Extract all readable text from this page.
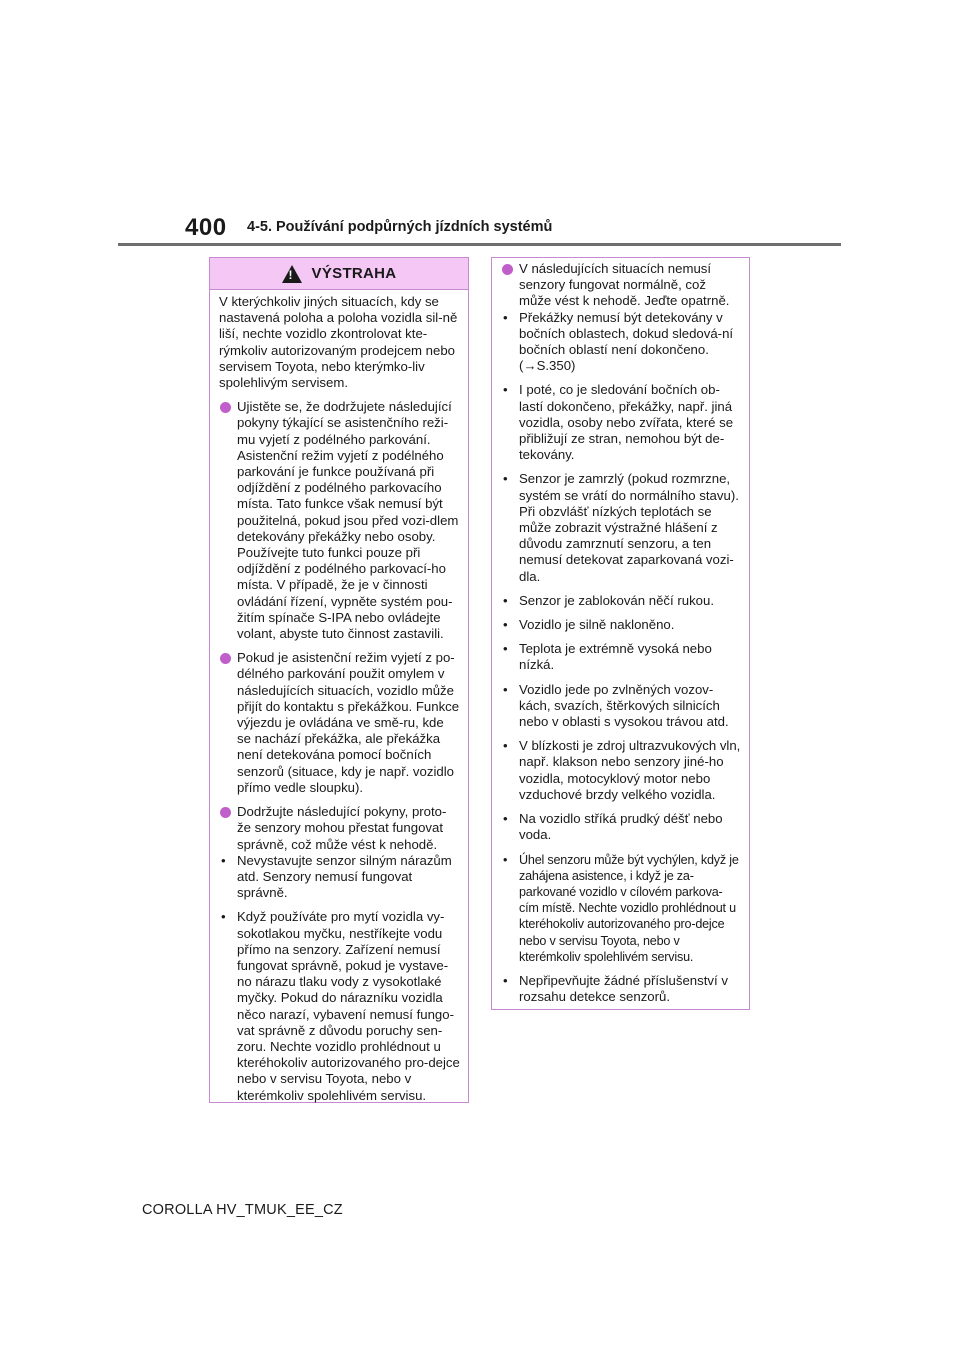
400 4-5. Používání podpůrných jízdních systémů
!
VÝSTRAHA

V kterýchkoliv jiných situacích, kdy se nastavená poloha a poloha vozidla sil-ně liší, nechte vozidlo zkontrolovat kte-rýmkoliv autorizovaným prodejcem nebo servisem Toyota, nebo kterýmko-liv spolehlivým servisem.

Ujistěte se, že dodržujete následující pokyny týkající se asistenčního reži-mu vyjetí z podélného parkování. Asistenční režim vyjetí z podélného parkování je funkce používaná při odjíždění z podélného parkovacího místa. Tato funkce však nemusí být použitelná, pokud jsou před vozi-dlem detekovány překážky nebo osoby. Používejte tuto funkci pouze při odjíždění z podélného parkovací-ho místa. V případě, že je v činnosti ovládání řízení, vypněte systém pou-žitím spínače S-IPA nebo ovládejte volant, abyste tuto činnost zastavili.
Pokud je asistenční režim vyjetí z po-délného parkování použit omylem v následujících situacích, vozidlo může přijít do kontaktu s překážkou. Funkce výjezdu je ovládána ve smě-ru, kde se nachází překážka, ale překážka není detekována pomocí bočních senzorů (situace, kdy je např. vozidlo přímo vedle sloupku).
Dodržujte následující pokyny, proto-že senzory mohou přestat fungovat správně, což může vést k nehodě.
• Nevystavujte senzor silným nárazům atd. Senzory nemusí fungovat správně.
• Když používáte pro mytí vozidla vy-sokotlakou myčku, nestříkejte vodu přímo na senzory. Zařízení nemusí fungovat správně, pokud je vystave-no nárazu tlaku vody z vysokotlaké myčky. Pokud do nárazníku vozidla něco narazí, vybavení nemusí fungo-vat správně z důvodu poruchy sen-zoru. Nechte vozidlo prohlédnout u kteréhokoliv autorizovaného pro-dejce nebo v servisu Toyota, nebo v kterémkoliv spolehlivém servisu.
V následujících situacích nemusí senzory fungovat normálně, což může vést k nehodě. Jeďte opatrně.
• Překážky nemusí být detekovány v bočních oblastech, dokud sledová-ní bočních oblastí není dokončeno. (→S.350)
• I poté, co je sledování bočních ob-lastí dokončeno, překážky, např. jiná vozidla, osoby nebo zvířata, které se přibližují ze stran, nemohou být de-tekovány.
• Senzor je zamrzlý (pokud rozmrzne, systém se vrátí do normálního stavu). Při obzvlášť nízkých teplotách se může zobrazit výstražné hlášení z důvodu zamrznutí senzoru, a ten nemusí detekovat zaparkovaná vozi-dla.
• Senzor je zablokován něčí rukou.
• Vozidlo je silně nakloněno.
• Teplota je extrémně vysoká nebo nízká.
• Vozidlo jede po zvlněných vozov-kách, svazích, štěrkových silnicích nebo v oblasti s vysokou trávou atd.
• V blízkosti je zdroj ultrazvukových vln, např. klakson nebo senzory jiné-ho vozidla, motocyklový motor nebo vzduchové brzdy velkého vozidla.
• Na vozidlo stříká prudký déšť nebo voda.
• Úhel senzoru může být vychýlen, když je zahájena asistence, i když je za-parkované vozidlo v cílovém parkova-cím místě. Nechte vozidlo prohlédnout u kteréhokoliv autorizovaného pro-dejce nebo v servisu Toyota, nebo v kterémkoliv spolehlivém servisu.
• Nepřipevňujte žádné příslušenství v rozsahu detekce senzorů.
COROLLA HV_TMUK_EE_CZ
